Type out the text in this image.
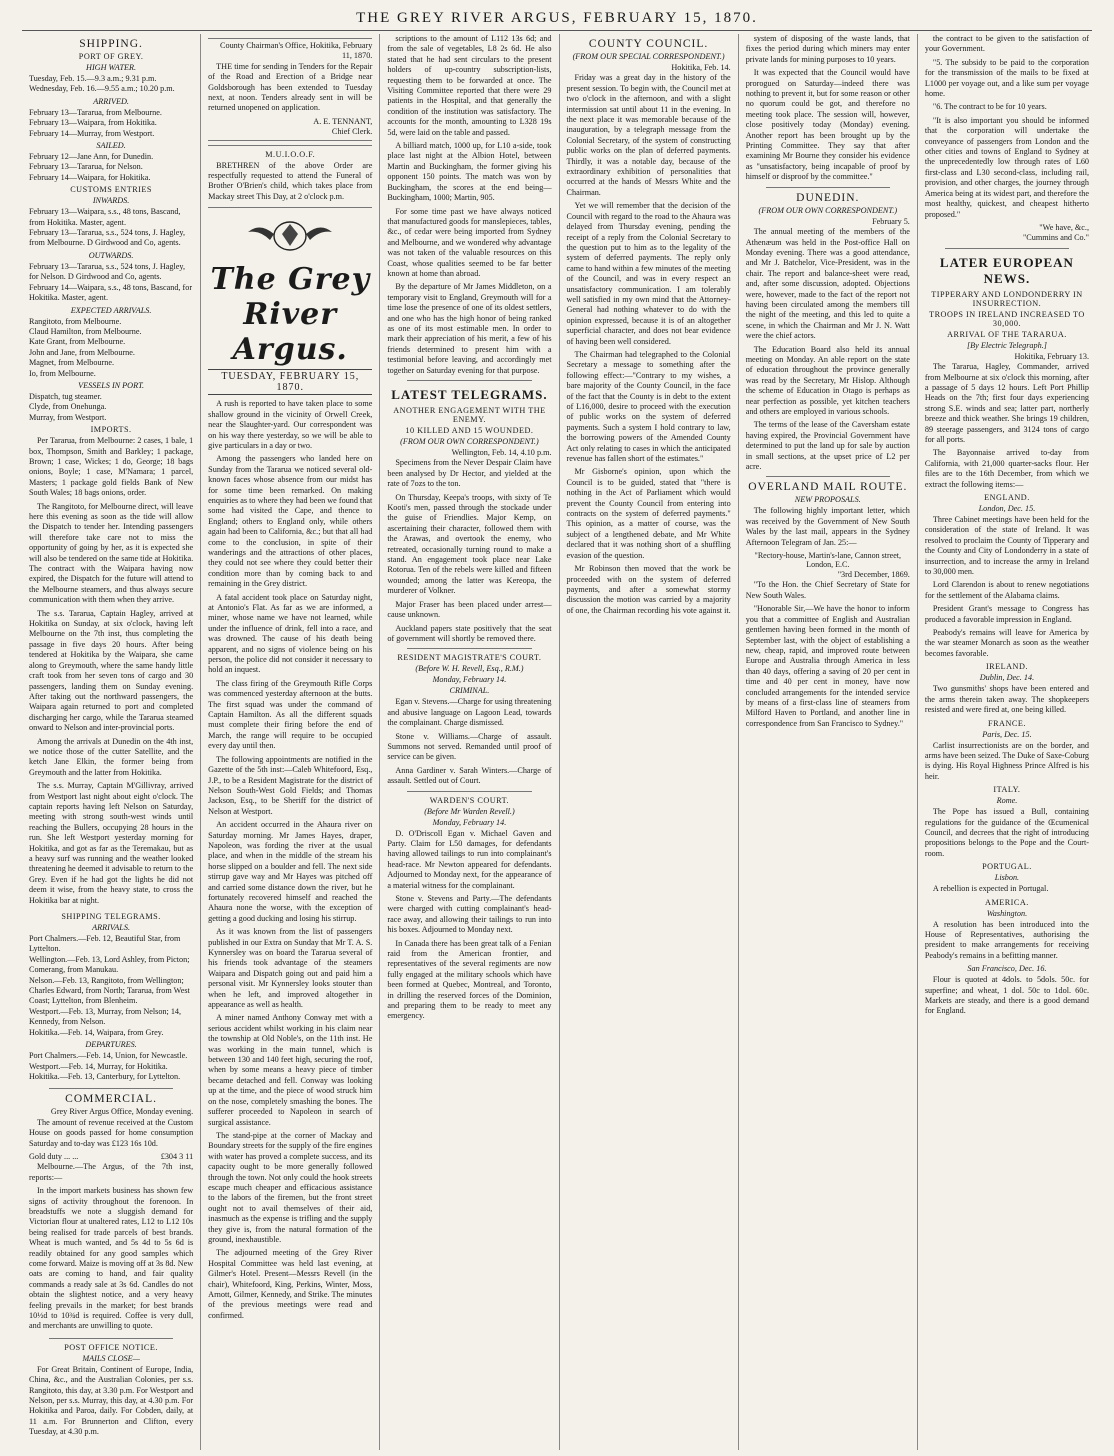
THE GREY RIVER ARGUS, FEBRUARY 15, 1870.
SHIPPING.
PORT OF GREY.
HIGH WATER.

Tuesday, Feb. 15.—9.3 a.m.; 9.31 p.m.

Wednesday, Feb. 16.—9.55 a.m.; 10.20 p.m.

ARRIVED.

February 13—Tararua, from Melbourne.

February 13—Waipara, from Hokitika.

February 14—Murray, from Westport.

SAILED.

February 12—Jane Ann, for Dunedin.

February 13—Tararua, for Nelson.

February 14—Waipara, for Hokitika.

CUSTOMS ENTRIES
INWARDS.

February 13—Waipara, s.s., 48 tons, Bascand, from Hokitika. Master, agent.

February 13—Tararua, s.s., 524 tons, J. Hagley, from Melbourne. D Girdwood and Co, agents.

OUTWARDS.

February 13—Tararua, s.s., 524 tons, J. Hagley, for Nelson. D Girdwood and Co, agents.

February 14—Waipara, s.s., 48 tons, Bascand, for Hokitika. Master, agent.

EXPECTED ARRIVALS.

Rangitoto, from Melbourne.

Claud Hamilton, from Melbourne.

Kate Grant, from Melbourne.

John and Jane, from Melbourne.

Magnet, from Melbourne.

Io, from Melbourne.

VESSELS IN PORT.

Dispatch, tug steamer.

Clyde, from Onehunga.

Murray, from Westport.

IMPORTS.

Per Tararua, from Melbourne: 2 cases, 1 bale, 1 box, Thompson, Smith and Barkley; 1 package, Brown; 1 case, Wickes; 1 do, George; 18 bags onions, Boyle; 1 case, M'Namara; 1 parcel, Masters; 1 package gold fields Bank of New South Wales; 18 bags onions, order.

The Rangitoto, for Melbourne direct, will leave here this evening as soon as the tide will allow the Dispatch to tender her. Intending passengers will therefore take care not to miss the opportunity of going by her, as it is expected she will also be tendered on the same tide at Hokitika. The contract with the Waipara having now expired, the Dispatch for the future will attend to the Melbourne steamers, and thus always secure communication with them when they arrive.

The s.s. Tararua, Captain Hagley, arrived at Hokitika on Sunday, at six o'clock, having left Melbourne on the 7th inst, thus completing the passage in five days 20 hours. After being tendered at Hokitika by the Waipara, she came along to Greymouth, where the same handy little craft took from her seven tons of cargo and 30 passengers, landing them on Sunday evening. After taking out the northward passengers, the Waipara again returned to port and completed discharging her cargo, while the Tararua steamed onward to Nelson and inter-provincial ports.

Among the arrivals at Dunedin on the 4th inst, we notice those of the cutter Satellite, and the ketch Jane Elkin, the former being from Greymouth and the latter from Hokitika.

The s.s. Murray, Captain M'Gillivray, arrived from Westport last night about eight o'clock. The captain reports having left Nelson on Saturday, meeting with strong south-west winds until reaching the Bullers, occupying 28 hours in the run. She left Westport yesterday morning for Hokitika, and got as far as the Teremakau, but as a heavy surf was running and the weather looked threatening he deemed it advisable to return to the Grey. Even if he had got the lights he did not deem it wise, from the heavy state, to cross the Hokitika bar at night.

SHIPPING TELEGRAMS.
ARRIVALS.

Port Chalmers.—Feb. 12, Beautiful Star, from Lyttelton.

Wellington.—Feb. 13, Lord Ashley, from Picton; Comerang, from Manukau.

Nelson.—Feb. 13, Rangitoto, from Wellington; Charles Edward, from North; Tararua, from West Coast; Lyttelton, from Blenheim.

Westport.—Feb. 13, Murray, from Nelson; 14, Kennedy, from Nelson.

Hokitika.—Feb. 14, Waipara, from Grey.

DEPARTURES.

Port Chalmers.—Feb. 14, Union, for Newcastle.

Westport.—Feb. 14, Murray, for Hokitika.

Hokitika.—Feb. 13, Canterbury, for Lyttelton.

COMMERCIAL.

Grey River Argus Office, Monday evening.

The amount of revenue received at the Custom House on goods passed for home consumption Saturday and to-day was £123 16s 10d.

Gold duty ... ...	£304 3 11

Melbourne.—The Argus, of the 7th inst, reports:—

In the import markets business has shown few signs of activity throughout the forenoon. In breadstuffs we note a sluggish demand for Victorian flour at unaltered rates, L12 to L12 10s being realised for trade parcels of best brands. Wheat is much wanted, and 5s 4d to 5s 6d is readily obtained for any good samples which come forward. Maize is moving off at 3s 8d. New oats are coming to hand, and fair quality commands a ready sale at 3s 6d. Candles do not obtain the slightest notice, and a very heavy feeling prevails in the market; for best brands 10½d to 10¾d is required. Coffee is very dull, and merchants are unwilling to quote.

POST OFFICE NOTICE.
MAILS CLOSE—

For Great Britain, Continent of Europe, India, China, &c., and the Australian Colonies, per s.s. Rangitoto, this day, at 3.30 p.m. For Westport and Nelson, per s.s. Murray, this day, at 4.30 p.m. For Hokitika and Paroa, daily. For Cobden, daily, at 11 a.m. For Brunnerton and Clifton, every Tuesday, at 4.30 p.m.

County Chairman's Office, Hokitika, February 11, 1870.

THE time for sending in Tenders for the Repair of the Road and Erection of a Bridge near Goldsborough has been extended to Tuesday next, at noon. Tenders already sent in will be returned unopened on application.

A. E. TENNANT,

Chief Clerk.

M.U.I.O.O.F.

BRETHREN of the above Order are respectfully requested to attend the Funeral of Brother O'Brien's child, which takes place from Mackay street This Day, at 2 o'clock p.m.

The Grey River Argus.
TUESDAY, FEBRUARY 15, 1870.

A rush is reported to have taken place to some shallow ground in the vicinity of Orwell Creek, near the Slaughter-yard. Our correspondent was on his way there yesterday, so we will be able to give particulars in a day or two.

Among the passengers who landed here on Sunday from the Tararua we noticed several old-known faces whose absence from our midst has for some time been remarked. On making enquiries as to where they had been we found that some had visited the Cape, and thence to England; others to England only, while others again had been to California, &c.; but that all had come to the conclusion, in spite of their wanderings and the attractions of other places, they could not see where they could better their condition more than by coming back to and remaining in the Grey district.

A fatal accident took place on Saturday night, at Antonio's Flat. As far as we are informed, a miner, whose name we have not learned, while under the influence of drink, fell into a race, and was drowned. The cause of his death being apparent, and no signs of violence being on his person, the police did not consider it necessary to hold an inquest.

The class firing of the Greymouth Rifle Corps was commenced yesterday afternoon at the butts. The first squad was under the command of Captain Hamilton. As all the different squads must complete their firing before the end of March, the range will require to be occupied every day until then.

The following appointments are notified in the Gazette of the 5th inst:—Caleb Whitefoord, Esq., J.P., to be a Resident Magistrate for the district of Nelson South-West Gold Fields; and Thomas Jackson, Esq., to be Sheriff for the district of Nelson at Westport.

An accident occurred in the Ahaura river on Saturday morning. Mr James Hayes, draper, Napoleon, was fording the river at the usual place, and when in the middle of the stream his horse slipped on a boulder and fell. The next side stirrup gave way and Mr Hayes was pitched off and carried some distance down the river, but he fortunately recovered himself and reached the Ahaura none the worse, with the exception of getting a good ducking and losing his stirrup.

As it was known from the list of passengers published in our Extra on Sunday that Mr T. A. S. Kynnersley was on board the Tararua several of his friends took advantage of the steamers Waipara and Dispatch going out and paid him a personal visit. Mr Kynnersley looks stouter than when he left, and improved altogether in appearance as well as health.

A miner named Anthony Conway met with a serious accident whilst working in his claim near the township at Old Noble's, on the 11th inst. He was working in the main tunnel, which is between 130 and 140 feet high, securing the roof, when by some means a heavy piece of timber became detached and fell. Conway was looking up at the time, and the piece of wood struck him on the nose, completely smashing the bones. The sufferer proceeded to Napoleon in search of surgical assistance.

The stand-pipe at the corner of Mackay and Boundary streets for the supply of the fire engines with water has proved a complete success, and its capacity ought to be more generally followed through the town. Not only could the hook streets escape much cheaper and efficacious assistance to the labors of the firemen, but the front street ought not to avail themselves of their aid, inasmuch as the expense is trifling and the supply they give is, from the natural formation of the ground, inexhaustible.

The adjourned meeting of the Grey River Hospital Committee was held last evening, at Gilmer's Hotel. Present—Messrs Revell (in the chair), Whitefoord, King, Perkins, Winter, Moss, Arnott, Gilmer, Kennedy, and Strike. The minutes of the previous meetings were read and confirmed.

scriptions to the amount of L112 13s 6d; and from the sale of vegetables, L8 2s 6d. He also stated that he had sent circulars to the present holders of up-country subscription-lists, requesting them to be forwarded at once. The Visiting Committee reported that there were 29 patients in the Hospital, and that generally the condition of the institution was satisfactory. The accounts for the month, amounting to L328 19s 5d, were laid on the table and passed.

A billiard match, 1000 up, for L10 a-side, took place last night at the Albion Hotel, between Martin and Buckingham, the former giving his opponent 150 points. The match was won by Buckingham, the scores at the end being—Buckingham, 1000; Martin, 905.

For some time past we have always noticed that manufactured goods for manslepieces, tables, &c., of cedar were being imported from Sydney and Melbourne, and we wondered why advantage was not taken of the valuable resources on this Coast, whose qualities seemed to be far better known at home than abroad.

By the departure of Mr James Middleton, on a temporary visit to England, Greymouth will for a time lose the presence of one of its oldest settlers, and one who has the high honor of being ranked as one of its most estimable men. In order to mark their appreciation of his merit, a few of his friends determined to present him with a testimonial before leaving, and accordingly met together on Saturday evening for that purpose.

LATEST TELEGRAMS.
ANOTHER ENGAGEMENT WITH THE ENEMY.
10 KILLED AND 15 WOUNDED.
(FROM OUR OWN CORRESPONDENT.)

Wellington, Feb. 14, 4.10 p.m.

Specimens from the Never Despair Claim have been analysed by Dr Hector, and yielded at the rate of 7ozs to the ton.

On Thursday, Keepa's troops, with sixty of Te Kooti's men, passed through the stockade under the guise of Friendlies. Major Kemp, on ascertaining their character, followed them with the Arawas, and overtook the enemy, who retreated, occasionally turning round to make a stand. An engagement took place near Lake Rotorua. Ten of the rebels were killed and fifteen wounded; among the latter was Kereopa, the murderer of Volkner.

Major Fraser has been placed under arrest—cause unknown.

Auckland papers state positively that the seat of government will shortly be removed there.

RESIDENT MAGISTRATE'S COURT.
(Before W. H. Revell, Esq., R.M.)
Monday, February 14.
CRIMINAL.

Egan v. Stevens.—Charge for using threatening and abusive language on Lagoon Lead, towards the complainant. Charge dismissed.

Stone v. Williams.—Charge of assault. Summons not served. Remanded until proof of service can be given.

Anna Gardiner v. Sarah Winters.—Charge of assault. Settled out of Court.

WARDEN'S COURT.
(Before Mr Warden Revell.)
Monday, February 14.

D. O'Driscoll Egan v. Michael Gaven and Party. Claim for L50 damages, for defendants having allowed tailings to run into complainant's head-race. Mr Newton appeared for defendants. Adjourned to Monday next, for the appearance of a material witness for the complainant.

Stone v. Stevens and Party.—The defendants were charged with cutting complainant's head-race away, and allowing their tailings to run into his boxes. Adjourned to Monday next.

In Canada there has been great talk of a Fenian raid from the American frontier, and representatives of the several regiments are now fully engaged at the military schools which have been formed at Quebec, Montreal, and Toronto, in drilling the reserved forces of the Dominion, and preparing them to be ready to meet any emergency.

COUNTY COUNCIL.
(FROM OUR SPECIAL CORRESPONDENT.)

Hokitika, Feb. 14.

Friday was a great day in the history of the present session. To begin with, the Council met at two o'clock in the afternoon, and with a slight intermission sat until about 11 in the evening. In the next place it was memorable because of the inauguration, by a telegraph message from the Colonial Secretary, of the system of constructing public works on the plan of deferred payments. Thirdly, it was a notable day, because of the extraordinary exhibition of personalities that occurred at the hands of Messrs White and the Chairman.

Yet we will remember that the decision of the Council with regard to the road to the Ahaura was delayed from Thursday evening, pending the receipt of a reply from the Colonial Secretary to the question put to him as to the legality of the system of deferred payments. The reply only came to hand within a few minutes of the meeting of the Council, and was in every respect an unsatisfactory communication. I am tolerably well satisfied in my own mind that the Attorney-General had nothing whatever to do with the opinion expressed, because it is of an altogether superficial character, and does not bear evidence of having been well considered.

The Chairman had telegraphed to the Colonial Secretary a message to something after the following effect:—"Contrary to my wishes, a bare majority of the County Council, in the face of the fact that the County is in debt to the extent of L16,000, desire to proceed with the execution of public works on the system of deferred payments. Such a system I hold contrary to law, the borrowing powers of the Amended County Act only relating to cases in which the anticipated revenue has fallen short of the estimates."

Mr Gisborne's opinion, upon which the Council is to be guided, stated that "there is nothing in the Act of Parliament which would prevent the County Council from entering into contracts on the system of deferred payments." This opinion, as a matter of course, was the subject of a lengthened debate, and Mr White declared that it was nothing short of a shuffling evasion of the question.

Mr Robinson then moved that the work be proceeded with on the system of deferred payments, and after a somewhat stormy discussion the motion was carried by a majority of one, the Chairman recording his vote against it.

system of disposing of the waste lands, that fixes the period during which miners may enter private lands for mining purposes to 10 years.

It was expected that the Council would have prorogued on Saturday—indeed there was nothing to prevent it, but for some reason or other no quorum could be got, and therefore no meeting took place. The session will, however, close positively today (Monday) evening. Another report has been brought up by the Printing Committee. They say that after examining Mr Bourne they consider his evidence as "unsatisfactory, being incapable of proof by himself or disproof by the committee."

DUNEDIN.
(FROM OUR OWN CORRESPONDENT.)

February 5.

The annual meeting of the members of the Athenæum was held in the Post-office Hall on Monday evening. There was a good attendance, and Mr J. Batchelor, Vice-President, was in the chair. The report and balance-sheet were read, and, after some discussion, adopted. Objections were, however, made to the fact of the report not having been circulated among the members till the night of the meeting, and this led to quite a scene, in which the Chairman and Mr J. N. Watt were the chief actors.

The Education Board also held its annual meeting on Monday. An able report on the state of education throughout the province generally was read by the Secretary, Mr Hislop. Although the scheme of Education in Otago is perhaps as near perfection as possible, yet kitchen teachers and others are employed in various schools.

The terms of the lease of the Caversham estate having expired, the Provincial Government have determined to put the land up for sale by auction in small sections, at the upset price of L2 per acre.

OVERLAND MAIL ROUTE.
NEW PROPOSALS.

The following highly important letter, which was received by the Government of New South Wales by the last mail, appears in the Sydney Afternoon Telegram of Jan. 25:—

"Rectory-house, Martin's-lane, Cannon street, London, E.C.

"3rd December, 1869.

"To the Hon. the Chief Secretary of State for New South Wales.

"Honorable Sir,—We have the honor to inform you that a committee of English and Australian gentlemen having been formed in the month of September last, with the object of establishing a new, cheap, rapid, and improved route between Europe and Australia through America in less than 40 days, offering a saving of 20 per cent in time and 40 per cent in money, have now concluded arrangements for the intended service by means of a first-class line of steamers from Milford Haven to Portland, and another line in correspondence from San Francisco to Sydney."

the contract to be given to the satisfaction of your Government.

"5. The subsidy to be paid to the corporation for the transmission of the mails to be fixed at L1000 per voyage out, and a like sum per voyage home.

"6. The contract to be for 10 years.

"It is also important you should be informed that the corporation will undertake the conveyance of passengers from London and the other cities and towns of England to Sydney at the unprecedentedly low through rates of L60 first-class and L30 second-class, including rail, provision, and other charges, the journey through America being at its widest part, and therefore the most healthy, quickest, and cheapest hitherto proposed."

"We have, &c.,

"Cummins and Co."

LATER EUROPEAN NEWS.
TIPPERARY AND LONDONDERRY IN INSURRECTION.
TROOPS IN IRELAND INCREASED TO 30,000.
ARRIVAL OF THE TARARUA.
[By Electric Telegraph.]

Hokitika, February 13.

The Tararua, Hagley, Commander, arrived from Melbourne at six o'clock this morning, after a passage of 5 days 12 hours. Left Port Phillip Heads on the 7th; first four days experiencing strong S.E. winds and sea; latter part, northerly breeze and thick weather. She brings 19 children, 89 steerage passengers, and 3124 tons of cargo for all ports.

The Bayonnaise arrived to-day from California, with 21,000 quarter-sacks flour. Her files are to the 16th December, from which we extract the following items:—

ENGLAND.
London, Dec. 15.

Three Cabinet meetings have been held for the consideration of the state of Ireland. It was resolved to proclaim the County of Tipperary and the County and City of Londonderry in a state of insurrection, and to increase the army in Ireland to 30,000 men.

Lord Clarendon is about to renew negotiations for the settlement of the Alabama claims.

President Grant's message to Congress has produced a favorable impression in England.

Peabody's remains will leave for America by the war steamer Monarch as soon as the weather becomes favorable.

IRELAND.
Dublin, Dec. 14.

Two gunsmiths' shops have been entered and the arms therein taken away. The shopkeepers resisted and were fired at, one being killed.

FRANCE.
Paris, Dec. 15.

Carlist insurrectionists are on the border, and arms have been seized. The Duke of Saxe-Coburg is dying. His Royal Highness Prince Alfred is his heir.

ITALY.
Rome.

The Pope has issued a Bull, containing regulations for the guidance of the Œcumenical Council, and decrees that the right of introducing propositions belongs to the Pope and the Court-room.

PORTUGAL.
Lisbon.

A rebellion is expected in Portugal.

AMERICA.
Washington.

A resolution has been introduced into the House of Representatives, authorising the president to make arrangements for receiving Peabody's remains in a befitting manner.

San Francisco, Dec. 16.

Flour is quoted at 4dols. to 5dols. 50c. for superfine; and wheat, 1 dol. 50c to 1dol. 60c. Markets are steady, and there is a good demand for England.
